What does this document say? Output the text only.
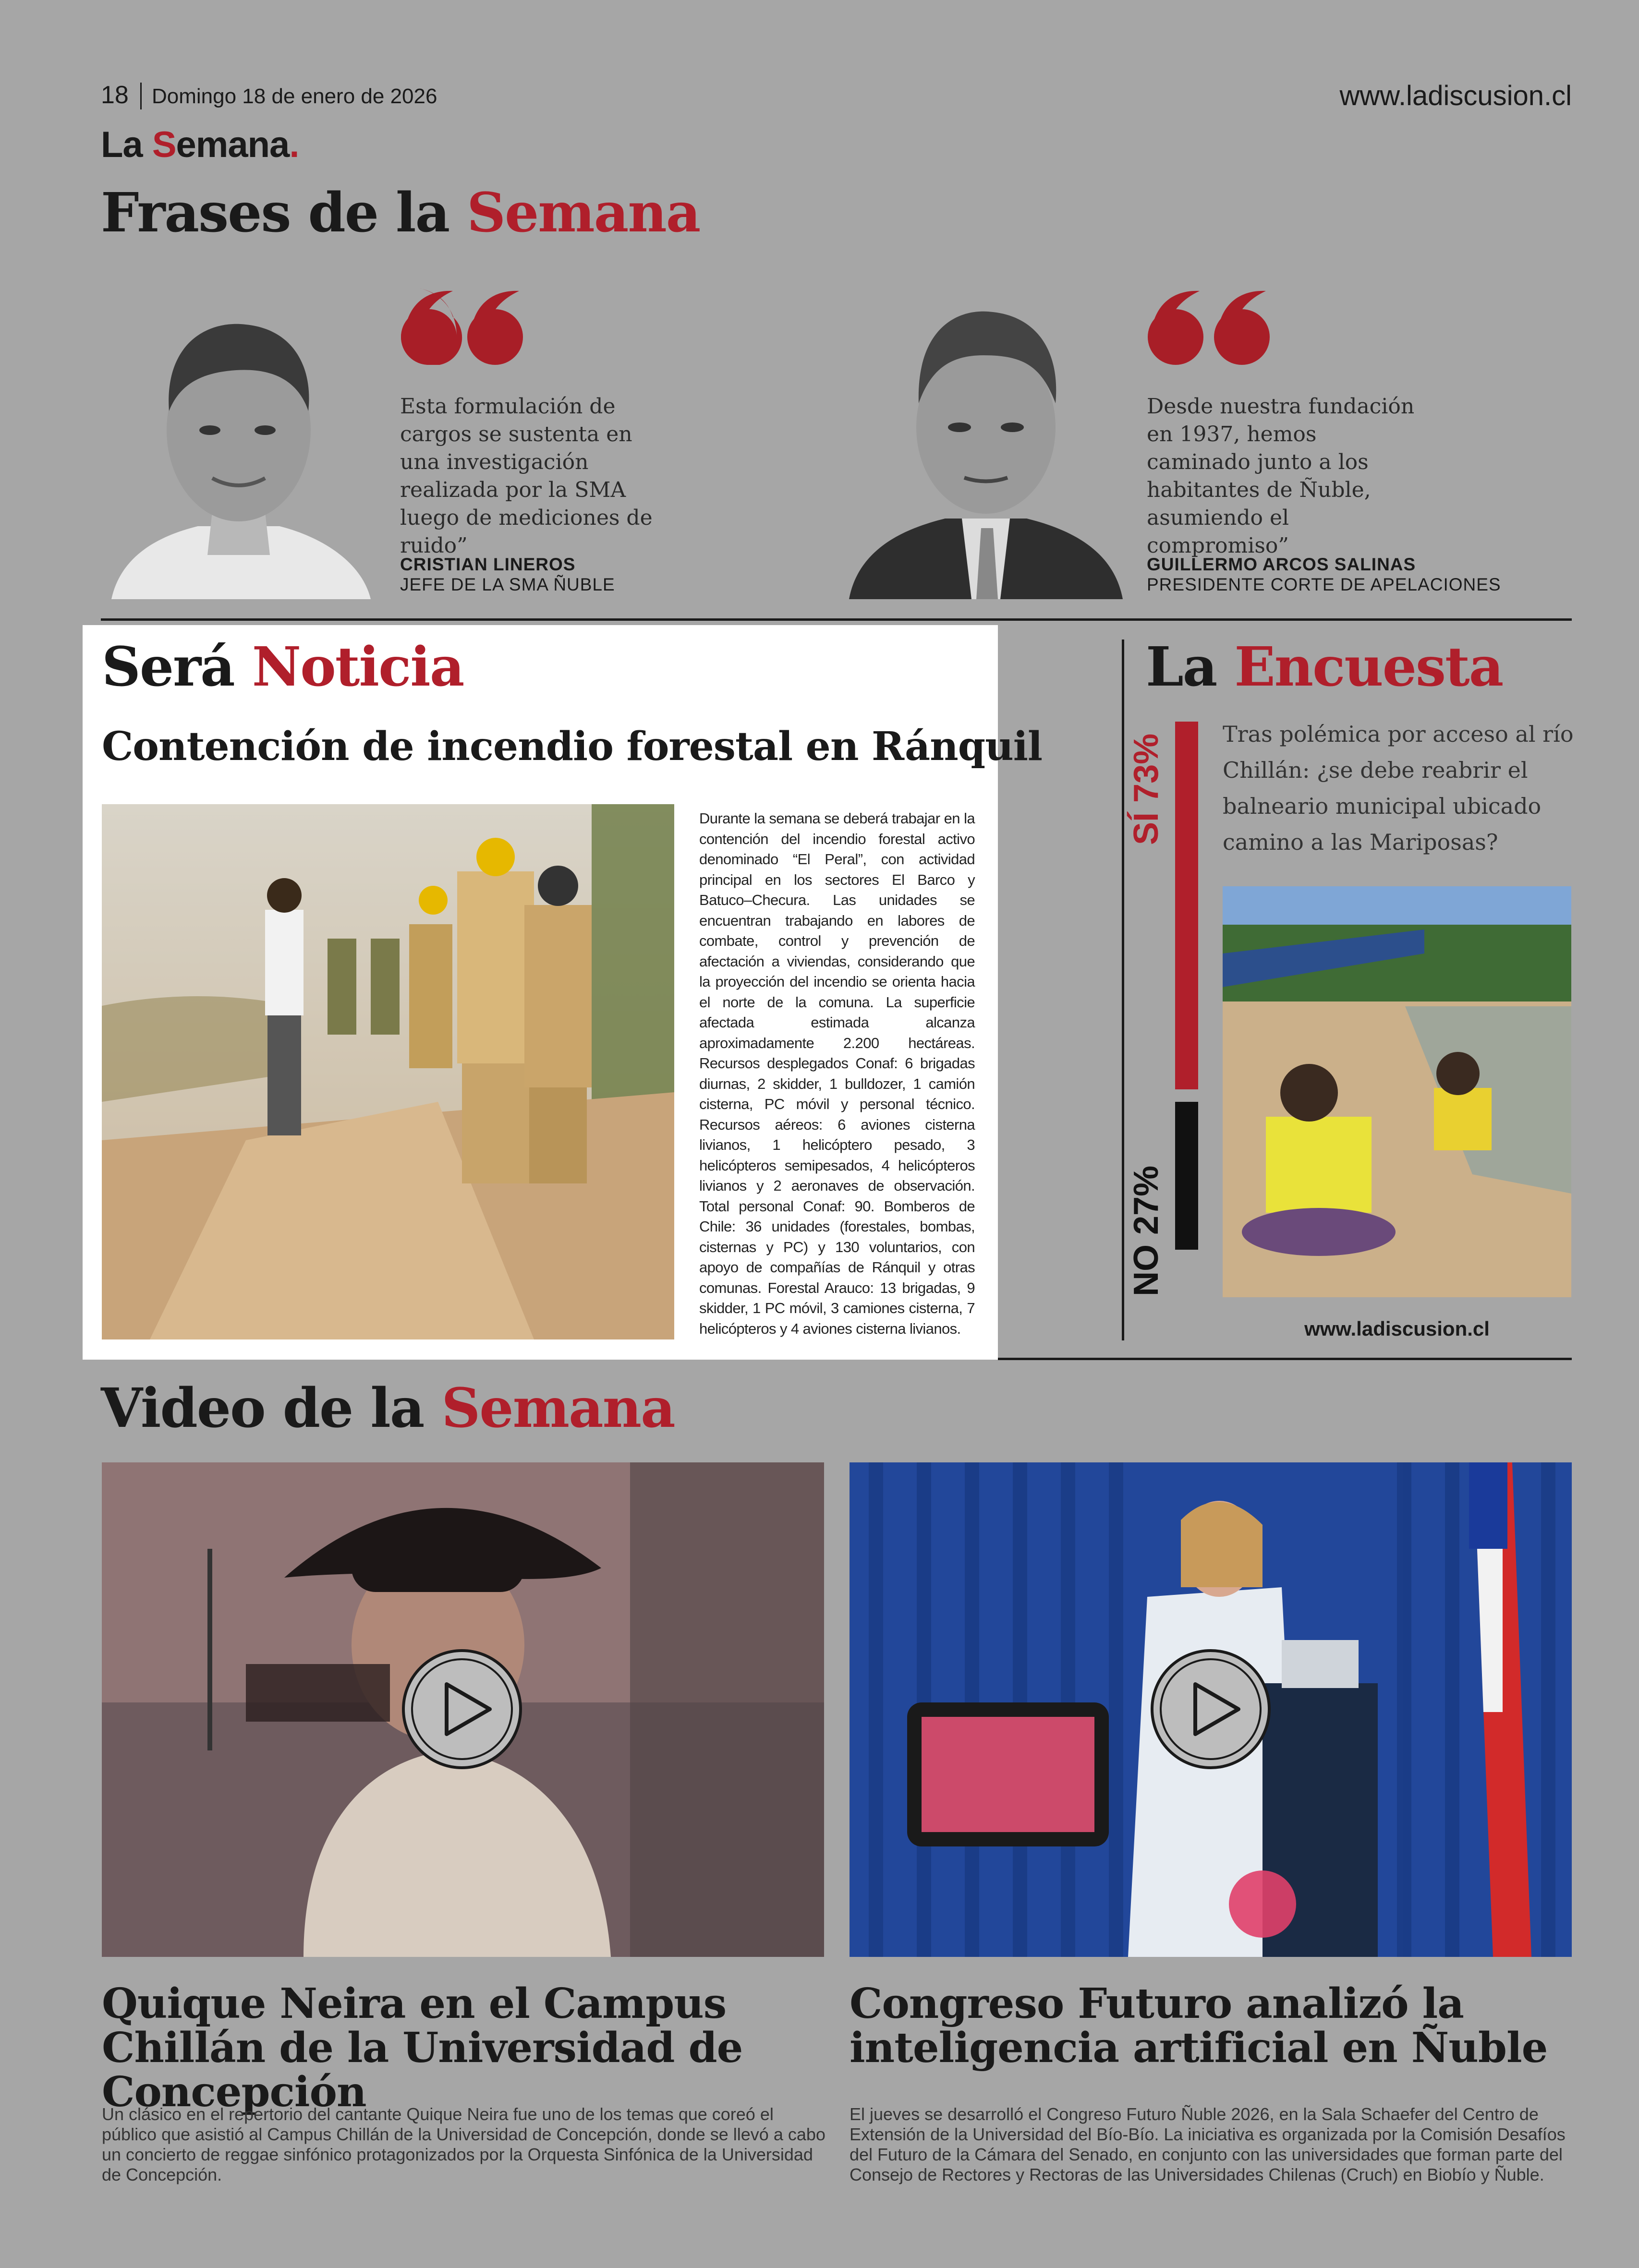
18 Domingo 18 de enero de 2026	www.ladiscusion.cl
La Semana.
Frases de la Semana
Esta formulación de cargos se sustenta en una investigación realizada por la SMA luego de mediciones de ruido”
CRISTIAN LINEROS
JEFE DE LA SMA ÑUBLE
Desde nuestra fundación en 1937, hemos caminado junto a los habitantes de Ñuble, asumiendo el compromiso”
GUILLERMO ARCOS SALINAS
PRESIDENTE CORTE DE APELACIONES
Será Noticia
Contención de incendio forestal en Ránquil
Durante la semana se deberá trabajar en la contención del incendio forestal activo denominado “El Peral”, con actividad principal en los sectores El Barco y Batuco–Checura. Las unidades se encuentran trabajando en labores de combate, control y prevención de afectación a viviendas, considerando que la proyección del incendio se orienta hacia el norte de la comuna. La superficie afectada estimada alcanza aproximadamente 2.200 hectáreas. Recursos desplegados Conaf: 6 brigadas diurnas, 2 skidder, 1 bulldozer, 1 camión cisterna, PC móvil y personal técnico. Recursos aéreos: 6 aviones cisterna livianos, 1 helicóptero pesado, 3 helicópteros semipesados, 4 helicópteros livianos y 2 aeronaves de observación. Total personal Conaf: 90. Bomberos de Chile: 36 unidades (forestales, bombas, cisternas y PC) y 130 voluntarios, con apoyo de compañías de Ránquil y otras comunas. Forestal Arauco: 13 brigadas, 9 skidder, 1 PC móvil, 3 camiones cisterna, 7 helicópteros y 4 aviones cisterna livianos.
La Encuesta
Tras polémica por acceso al río Chillán: ¿se debe reabrir el balneario municipal ubicado camino a las Mariposas?
SÍ 73%
NO 27%
www.ladiscusion.cl
Video de la Semana
Quique Neira en el Campus Chillán de la Universidad de Concepción
Un clásico en el repertorio del cantante Quique Neira fue uno de los temas que coreó el público que asistió al Campus Chillán de la Universidad de Concepción, donde se llevó a cabo un concierto de reggae sinfónico protagonizados por la Orquesta Sinfónica de la Universidad de Concepción.
Congreso Futuro analizó la inteligencia artificial en Ñuble
El jueves se desarrolló el Congreso Futuro Ñuble 2026, en la Sala Schaefer del Centro de Extensión de la Universidad del Bío-Bío. La iniciativa es organizada por la Comisión Desafíos del Futuro de la Cámara del Senado, en conjunto con las universidades que forman parte del Consejo de Rectores y Rectoras de las Universidades Chilenas (Cruch) en Biobío y Ñuble.
